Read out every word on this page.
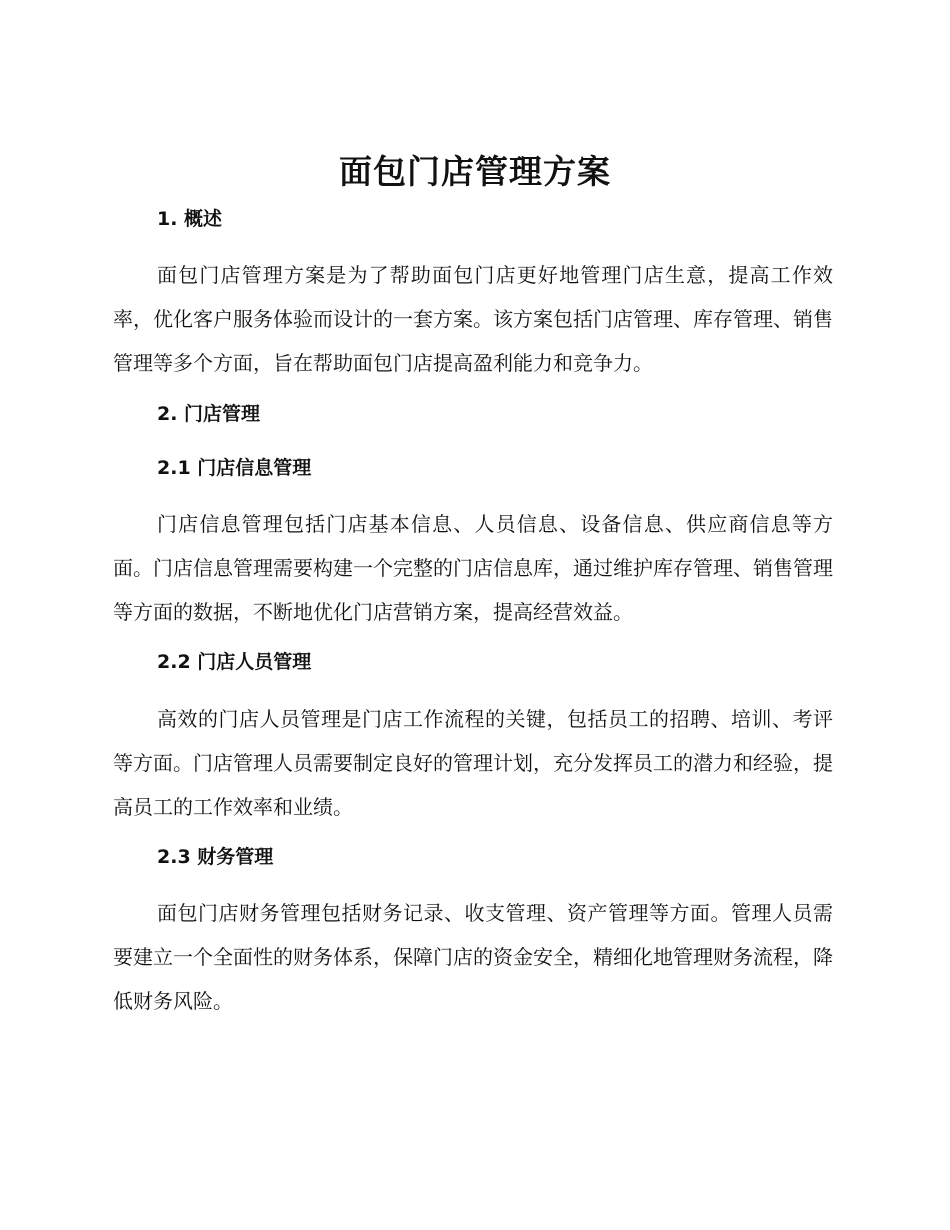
面包门店管理方案
1. 概述

面包门店管理方案是为了帮助面包门店更好地管理门店生意，提高工作效率，优化客户服务体验而设计的一套方案。该方案包括门店管理、库存管理、销售管理等多个方面，旨在帮助面包门店提高盈利能力和竞争力。

2. 门店管理
2.1 门店信息管理

门店信息管理包括门店基本信息、人员信息、设备信息、供应商信息等方面。门店信息管理需要构建一个完整的门店信息库，通过维护库存管理、销售管理等方面的数据，不断地优化门店营销方案，提高经营效益。

2.2 门店人员管理

高效的门店人员管理是门店工作流程的关键，包括员工的招聘、培训、考评等方面。门店管理人员需要制定良好的管理计划，充分发挥员工的潜力和经验，提高员工的工作效率和业绩。

2.3 财务管理

面包门店财务管理包括财务记录、收支管理、资产管理等方面。管理人员需要建立一个全面性的财务体系，保障门店的资金安全，精细化地管理财务流程，降低财务风险。
